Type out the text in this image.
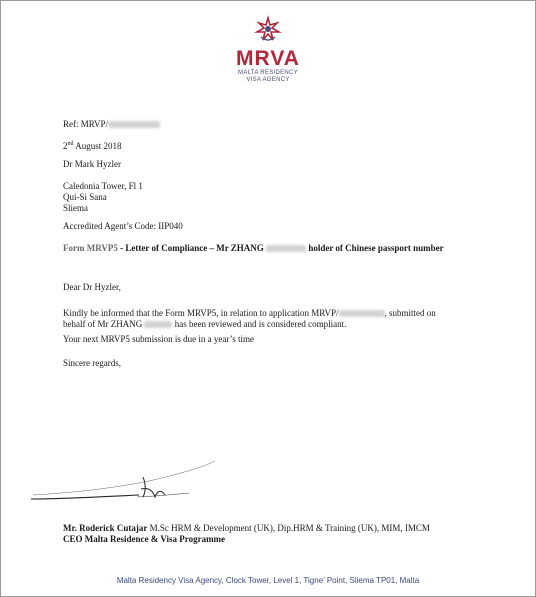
MRVA
MALTA RESIDENCY
VISA AGENCY
Ref: MRVP/
2nd August 2018
Dr Mark Hyzler
Caledonia Tower, Fl 1
Qui-Si Sana
Sliema
Accredited Agent’s Code: IIP040
Form MRVP5 - Letter of Compliance – Mr ZHANG	holder of Chinese passport number
Dear Dr Hyzler,
Kindly be informed that the Form MRVP5, in relation to application MRVP/	, submitted on
behalf of Mr ZHANG	has been reviewed and is considered compliant.
Your next MRVP5 submission is due in a year’s time
Sincere regards,
Mr. Roderick Cutajar M.Sc HRM & Development (UK), Dip.HRM & Training (UK), MIM, IMCM
CEO Malta Residence & Visa Programme
Malta Residency Visa Agency, Clock Tower, Level 1, Tigne’ Point, Sliema TP01, Malta
